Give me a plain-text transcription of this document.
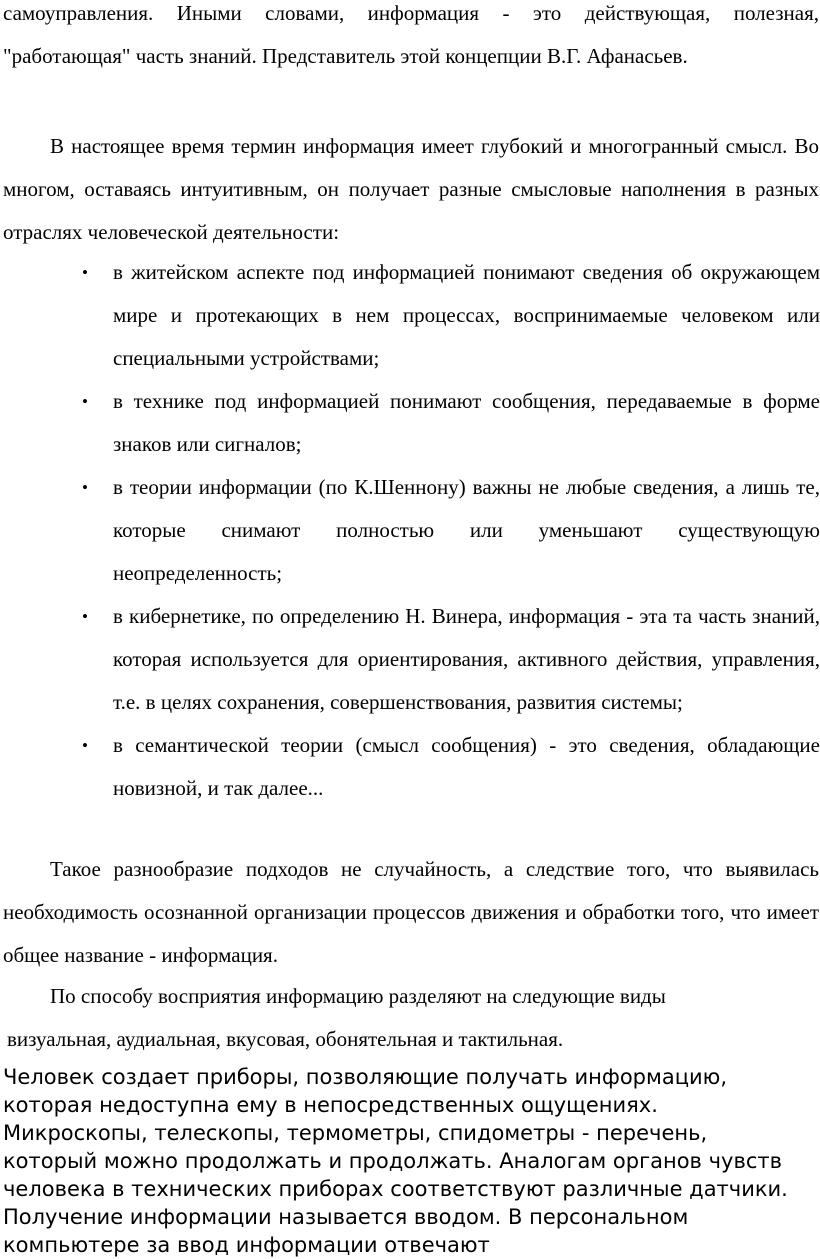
самоуправления. Иными словами, информация - это действующая, полезная, "работающая" часть знаний. Представитель этой концепции В.Г. Афанасьев.

В настоящее время термин информация имеет глубокий и многогранный смысл. Во многом, оставаясь интуитивным, он получает разные смысловые наполнения в разных отраслях человеческой деятельности:

• в житейском аспекте под информацией понимают сведения об окружающем мире и протекающих в нем процессах, воспринимаемые человеком или специальными устройствами;
• в технике под информацией понимают сообщения, передаваемые в форме знаков или сигналов;
• в теории информации (по К.Шеннону) важны не любые сведения, а лишь те, которые снимают полностью или уменьшают существующую неопределенность;
• в кибернетике, по определению Н. Винера, информация - эта та часть знаний, которая используется для ориентирования, активного действия, управления, т.е. в целях сохранения, совершенствования, развития системы;
• в семантической теории (смысл сообщения) - это сведения, обладающие новизной, и так далее...

Такое разнообразие подходов не случайность, а следствие того, что выявилась необходимость осознанной организации процессов движения и обработки того, что имеет общее название - информация.

По способу восприятия информацию разделяют на следующие виды
визуальная, аудиальная, вкусовая, обонятельная и тактильная.

Человек создает приборы, позволяющие получать информацию, которая недоступна ему в непосредственных ощущениях. Микроскопы, телескопы, термометры, спидометры - перечень, который можно продолжать и продолжать. Аналогам органов чувств человека в технических приборах соответствуют различные датчики. Получение информации называется вводом. В персональном компьютере за ввод информации отвечают
